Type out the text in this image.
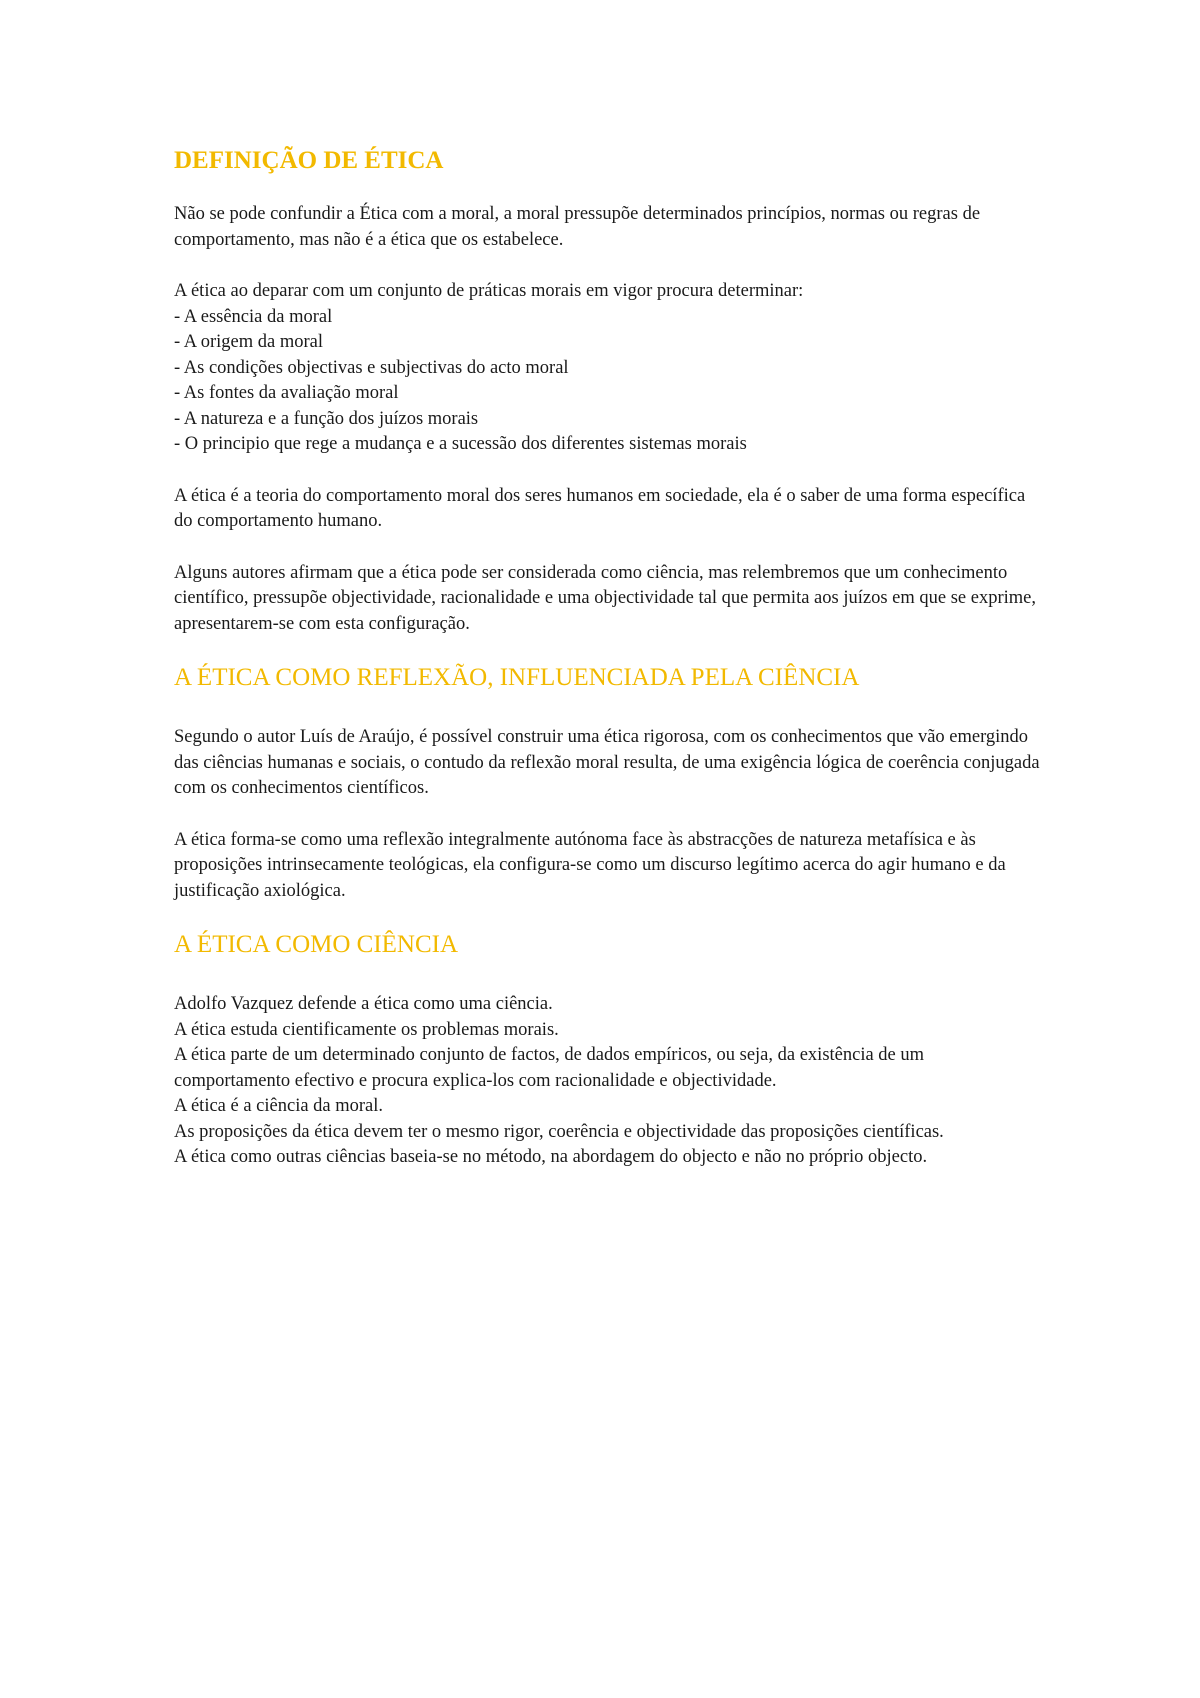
DEFINIÇÃO DE ÉTICA

Não se pode confundir a Ética com a moral, a moral pressupõe determinados princípios, normas ou regras de comportamento, mas não é a ética que os estabelece.

A ética ao deparar com um conjunto de práticas morais em vigor procura determinar:

- A essência da moral
- A origem da moral
- As condições objectivas e subjectivas do acto moral
- As fontes da avaliação moral
- A natureza e a função dos juízos morais
- O principio que rege a mudança e a sucessão dos diferentes sistemas morais

A ética é a teoria do comportamento moral dos seres humanos em sociedade, ela é o saber de uma forma específica do comportamento humano.

Alguns autores afirmam que a ética pode ser considerada como ciência, mas relembremos que um conhecimento científico, pressupõe objectividade, racionalidade e uma objectividade tal que permita aos juízos em que se exprime, apresentarem-se com esta configuração.

A ÉTICA COMO REFLEXÃO, INFLUENCIADA PELA CIÊNCIA

Segundo o autor Luís de Araújo, é possível construir uma ética rigorosa, com os conhecimentos que vão emergindo das ciências humanas e sociais, o contudo da reflexão moral resulta, de uma exigência lógica de coerência conjugada com os conhecimentos científicos.

A ética forma-se como uma reflexão integralmente autónoma face às abstracções de natureza metafísica e às proposições intrinsecamente teológicas, ela configura-se como um discurso legítimo acerca do agir humano e da justificação axiológica.

A ÉTICA COMO CIÊNCIA

Adolfo Vazquez defende a ética como uma ciência.

A ética estuda cientificamente os problemas morais.

A ética parte de um determinado conjunto de factos, de dados empíricos, ou seja, da existência de um comportamento efectivo e procura explica-los com racionalidade e objectividade.

A ética é a ciência da moral.

As proposições da ética devem ter o mesmo rigor, coerência e objectividade das proposições científicas.

A ética como outras ciências baseia-se no método, na abordagem do objecto e não no próprio objecto.
